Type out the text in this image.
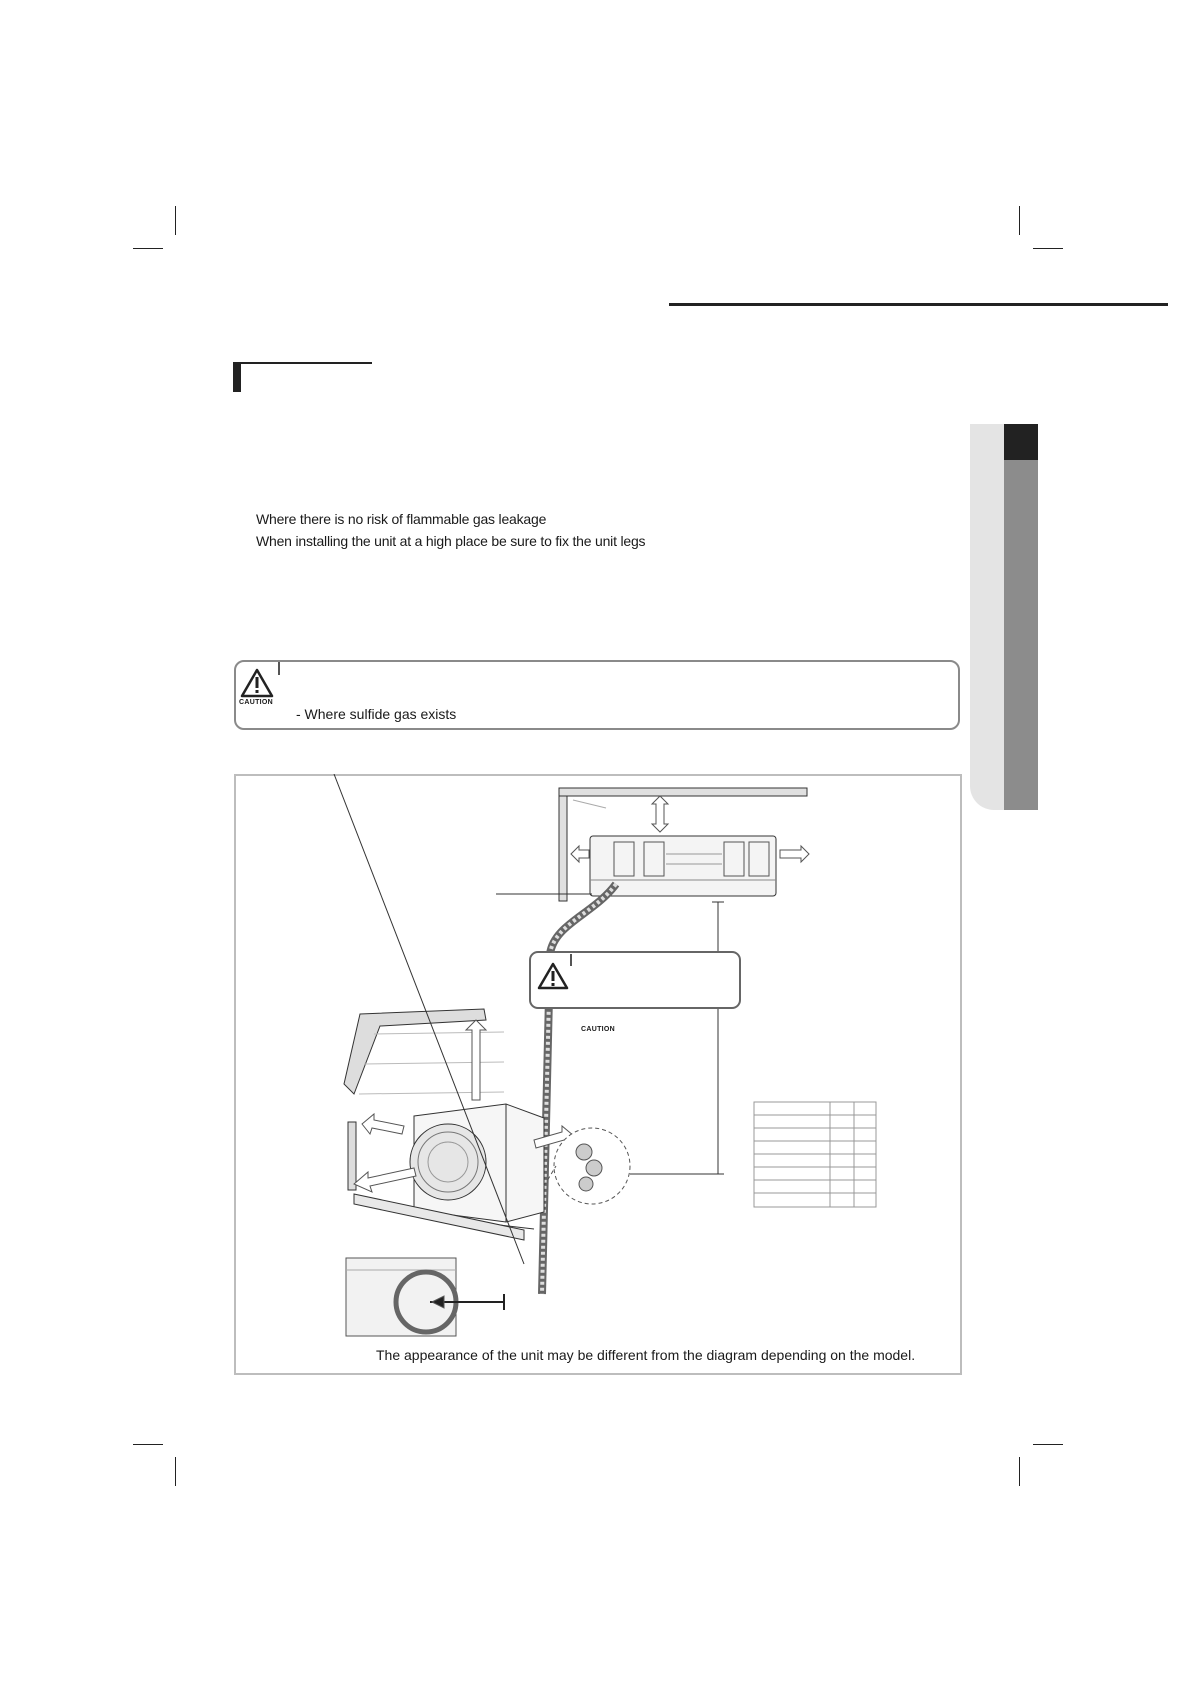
Where there is no risk of flammable gas leakage
When installing the unit at a high place be sure to fix the unit legs
CAUTION
- Where sulfide gas exists
CAUTION
The appearance of the unit may be different from the diagram depending on the model.
